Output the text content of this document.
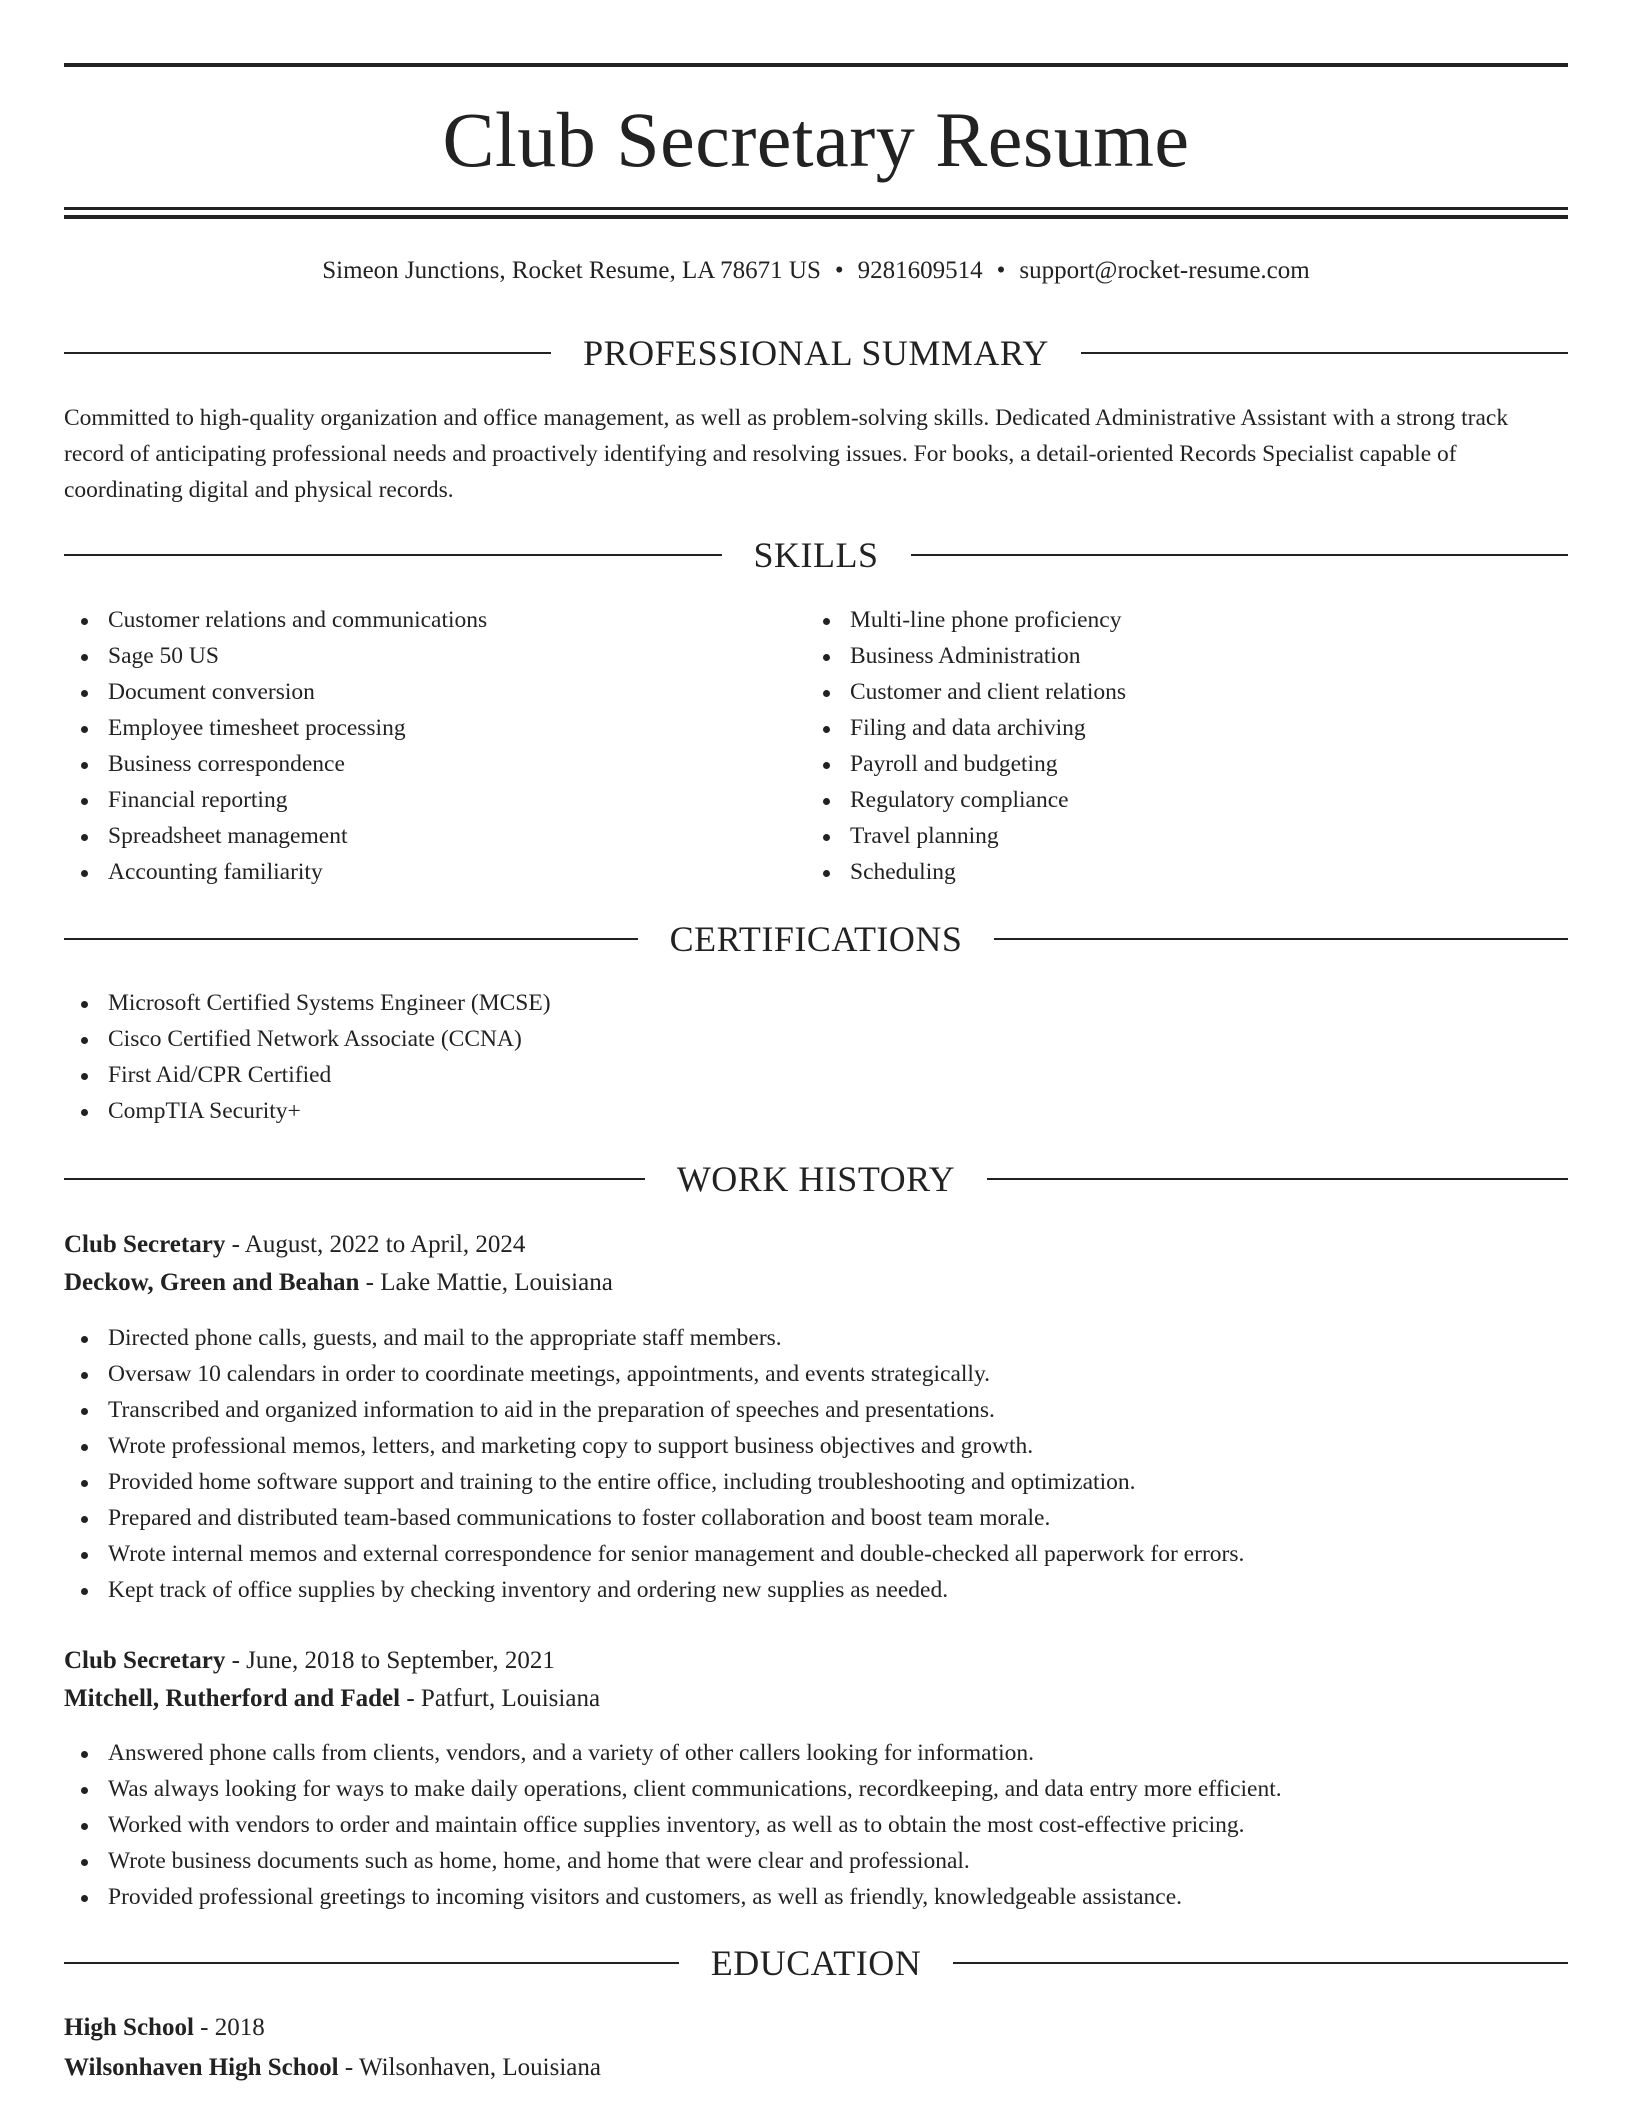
Club Secretary Resume
Simeon Junctions, Rocket Resume, LA 78671 US • 9281609514 • support@rocket-resume.com
PROFESSIONAL SUMMARY

Committed to high-quality organization and office management, as well as problem-solving skills. Dedicated Administrative Assistant with a strong track record of anticipating professional needs and proactively identifying and resolving issues. For books, a detail-oriented Records Specialist capable of coordinating digital and physical records.

SKILLS
Customer relations and communications
Sage 50 US
Document conversion
Employee timesheet processing
Business correspondence
Financial reporting
Spreadsheet management
Accounting familiarity
Multi-line phone proficiency
Business Administration
Customer and client relations
Filing and data archiving
Payroll and budgeting
Regulatory compliance
Travel planning
Scheduling
CERTIFICATIONS
Microsoft Certified Systems Engineer (MCSE)
Cisco Certified Network Associate (CCNA)
First Aid/CPR Certified
CompTIA Security+
WORK HISTORY
Club Secretary - August, 2022 to April, 2024
Deckow, Green and Beahan - Lake Mattie, Louisiana
Directed phone calls, guests, and mail to the appropriate staff members.
Oversaw 10 calendars in order to coordinate meetings, appointments, and events strategically.
Transcribed and organized information to aid in the preparation of speeches and presentations.
Wrote professional memos, letters, and marketing copy to support business objectives and growth.
Provided home software support and training to the entire office, including troubleshooting and optimization.
Prepared and distributed team-based communications to foster collaboration and boost team morale.
Wrote internal memos and external correspondence for senior management and double-checked all paperwork for errors.
Kept track of office supplies by checking inventory and ordering new supplies as needed.
Club Secretary - June, 2018 to September, 2021
Mitchell, Rutherford and Fadel - Patfurt, Louisiana
Answered phone calls from clients, vendors, and a variety of other callers looking for information.
Was always looking for ways to make daily operations, client communications, recordkeeping, and data entry more efficient.
Worked with vendors to order and maintain office supplies inventory, as well as to obtain the most cost-effective pricing.
Wrote business documents such as home, home, and home that were clear and professional.
Provided professional greetings to incoming visitors and customers, as well as friendly, knowledgeable assistance.
EDUCATION
High School - 2018
Wilsonhaven High School - Wilsonhaven, Louisiana
